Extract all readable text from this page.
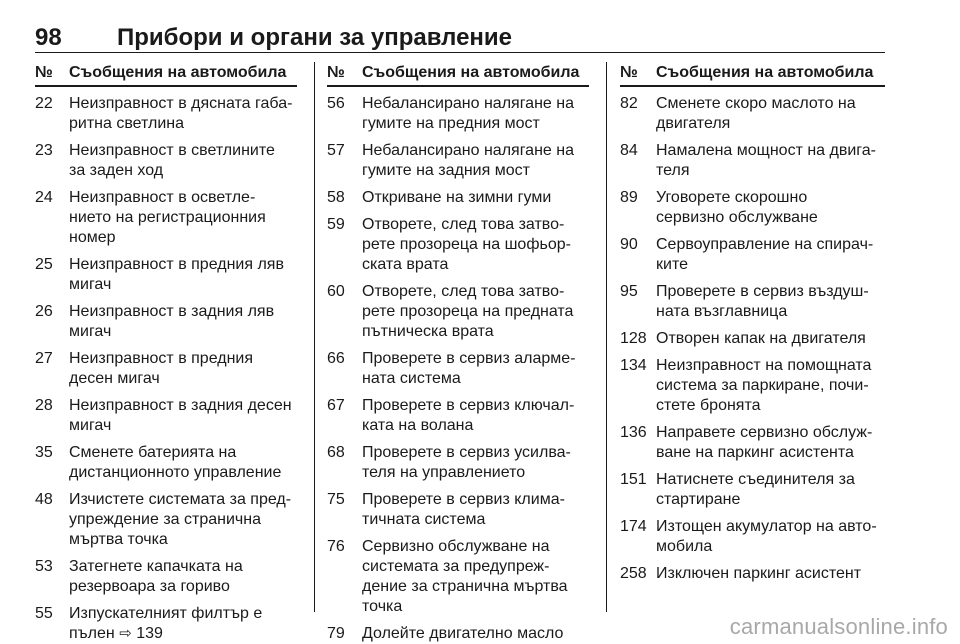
98 Прибори и органи за управление
№	Съобщения на автомобила
22	Неизправност в дясната габа-
ритна светлина
23	Неизправност в светлините
за заден ход
24	Неизправност в осветле-
нието на регистрационния
номер
25	Неизправност в предния ляв
мигач
26	Неизправност в задния ляв
мигач
27	Неизправност в предния
десен мигач
28	Неизправност в задния десен
мигач
35	Сменете батерията на
дистанционното управление
48	Изчистете системата за пред-
упреждение за странична
мъртва точка
53	Затегнете капачката на
резервоара за гориво
55	Изпускателният филтър е
пълен ⇨ 139
№	Съобщения на автомобила
56	Небалансирано налягане на
гумите на предния мост
57	Небалансирано налягане на
гумите на задния мост
58	Откриване на зимни гуми
59	Отворете, след това затво-
рете прозореца на шофьор-
ската врата
60	Отворете, след това затво-
рете прозореца на предната
пътническа врата
66	Проверете в сервиз аларме-
ната система
67	Проверете в сервиз ключал-
ката на волана
68	Проверете в сервиз усилва-
теля на управлението
75	Проверете в сервиз клима-
тичната система
76	Сервизно обслужване на
системата за предупреж-
дение за странична мъртва
точка
79	Долейте двигателно масло
№	Съобщения на автомобила
82	Сменете скоро маслото на
двигателя
84	Намалена мощност на двига-
теля
89	Уговорете скорошно
сервизно обслужване
90	Сервоуправление на спирач-
ките
95	Проверете в сервиз въздуш-
ната възглавница
128 Отворен капак на двигателя
134 Неизправност на помощната
система за паркиране, почи-
стете бронята
136 Направете сервизно обслуж-
ване на паркинг асистента
151 Натиснете съединителя за
стартиране
174 Изтощен акумулатор на авто-
мобила
258 Изключен паркинг асистент
carmanualsonline.info
